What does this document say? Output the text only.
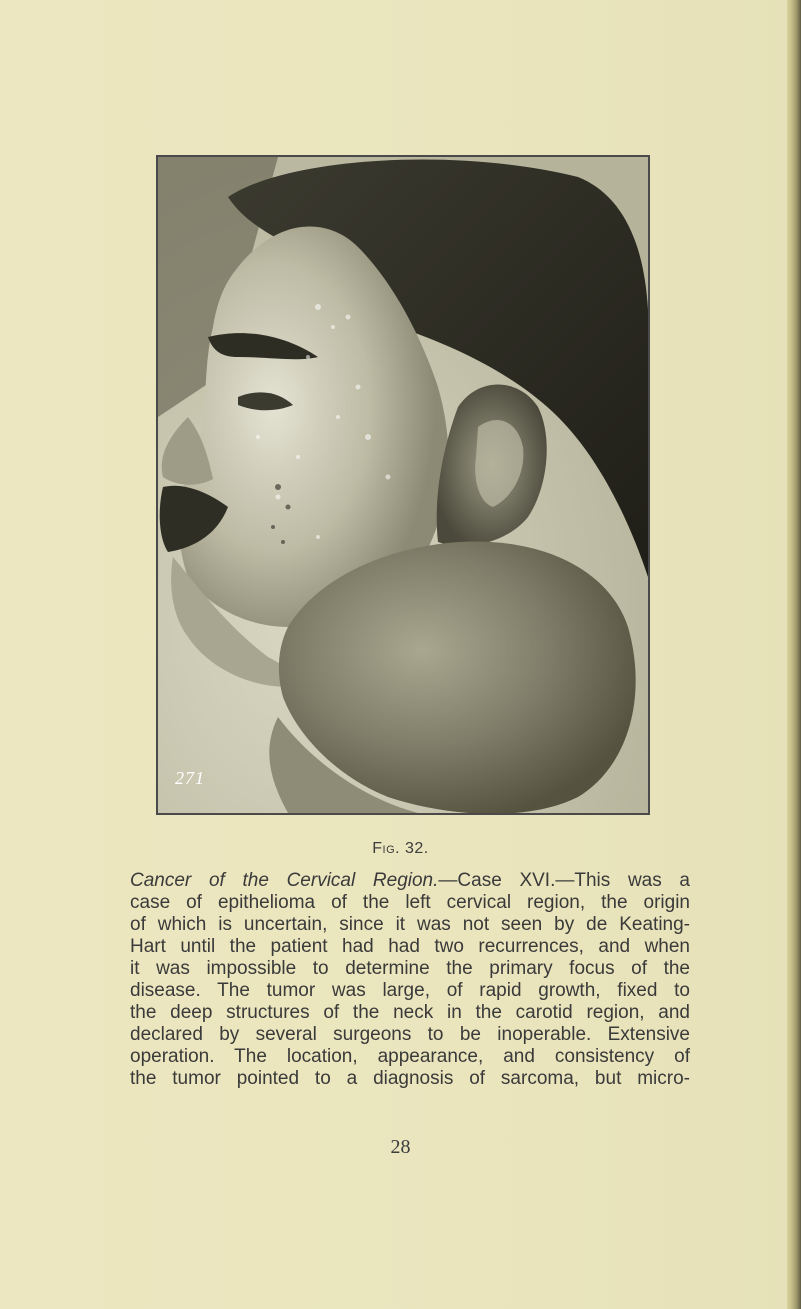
271
Fig. 32.
Cancer of the Cervical Region.—Case XVI.—This was a
case of epithelioma of the left cervical region, the origin
of which is uncertain, since it was not seen by de Keating-
Hart until the patient had had two recurrences, and when
it was impossible to determine the primary focus of the
disease. The tumor was large, of rapid growth, fixed to
the deep structures of the neck in the carotid region, and
declared by several surgeons to be inoperable. Extensive
operation. The location, appearance, and consistency of
the tumor pointed to a diagnosis of sarcoma, but micro-
28
